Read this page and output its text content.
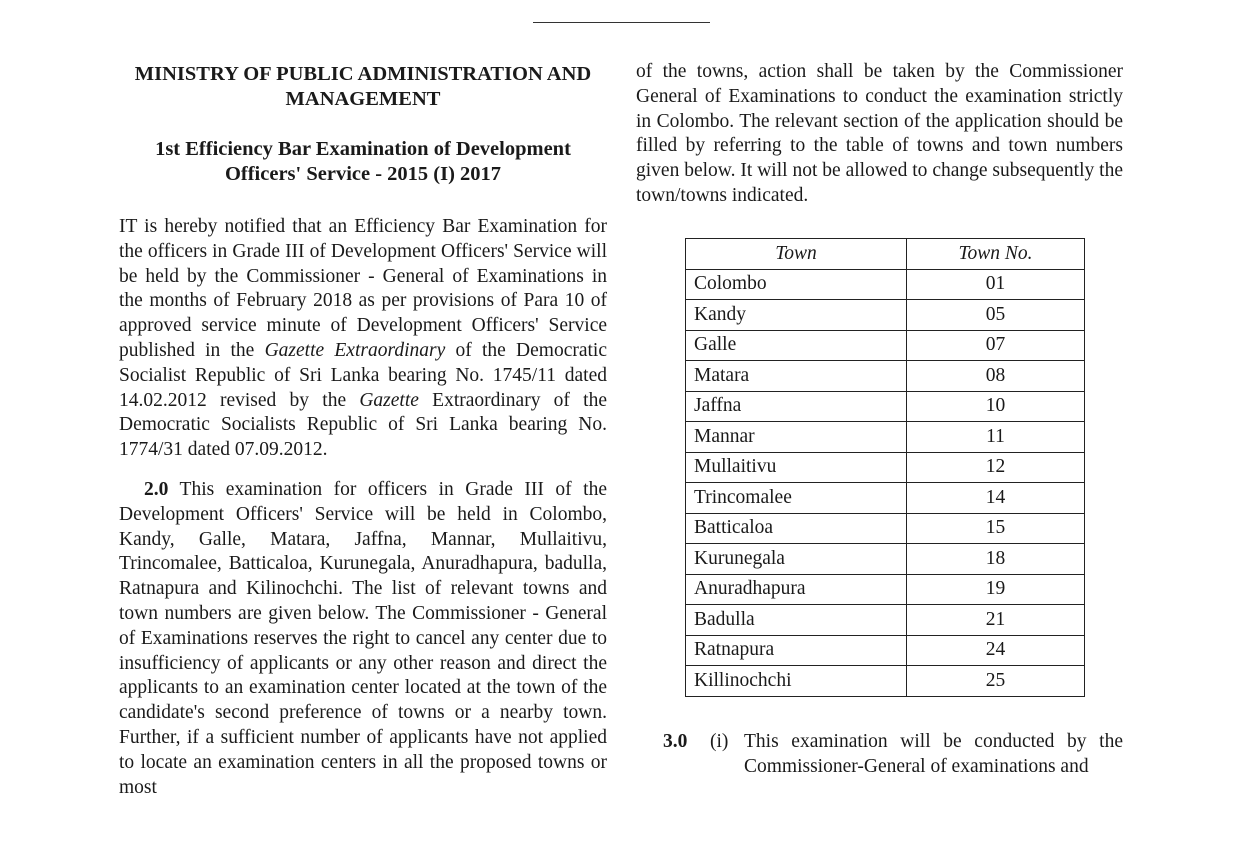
MINISTRY OF PUBLIC ADMINISTRATION AND MANAGEMENT

1st Efficiency Bar Examination of Development Officers' Service - 2015 (I) 2017

IT is hereby notified that an Efficiency Bar Examination for the officers in Grade III of Development Officers' Service will be held by the Commissioner - General of Examinations in the months of February 2018 as per provisions of Para 10 of approved service minute of Development Officers' Service published in the Gazette Extraordinary of the Democratic Socialist Republic of Sri Lanka bearing No. 1745/11 dated 14.02.2012 revised by the Gazette Extraordinary of the Democratic Socialists Republic of Sri Lanka bearing No. 1774/31 dated 07.09.2012.

2.0 This examination for officers in Grade III of the Development Officers' Service will be held in Colombo, Kandy, Galle, Matara, Jaffna, Mannar, Mullaitivu, Trincomalee, Batticaloa, Kurunegala, Anuradhapura, badulla, Ratnapura and Kilinochchi. The list of relevant towns and town numbers are given below. The Commissioner - General of Examinations reserves the right to cancel any center due to insufficiency of applicants or any other reason and direct the applicants to an examination center located at the town of the candidate's second preference of towns or a nearby town. Further, if a sufficient number of applicants have not applied to locate an examination centers in all the proposed towns or most

of the towns, action shall be taken by the Commissioner General of Examinations to conduct the examination strictly in Colombo. The relevant section of the application should be filled by referring to the table of towns and town numbers given below. It will not be allowed to change subsequently the town/towns indicated.

Town	Town No.
Colombo	01
Kandy	05
Galle	07
Matara	08
Jaffna	10
Mannar	11
Mullaitivu	12
Trincomalee	14
Batticaloa	15
Kurunegala	18
Anuradhapura	19
Badulla	21
Ratnapura	24
Killinochchi	25
3.0 (i) This examination will be conducted by the Commissioner-General of examinations and
